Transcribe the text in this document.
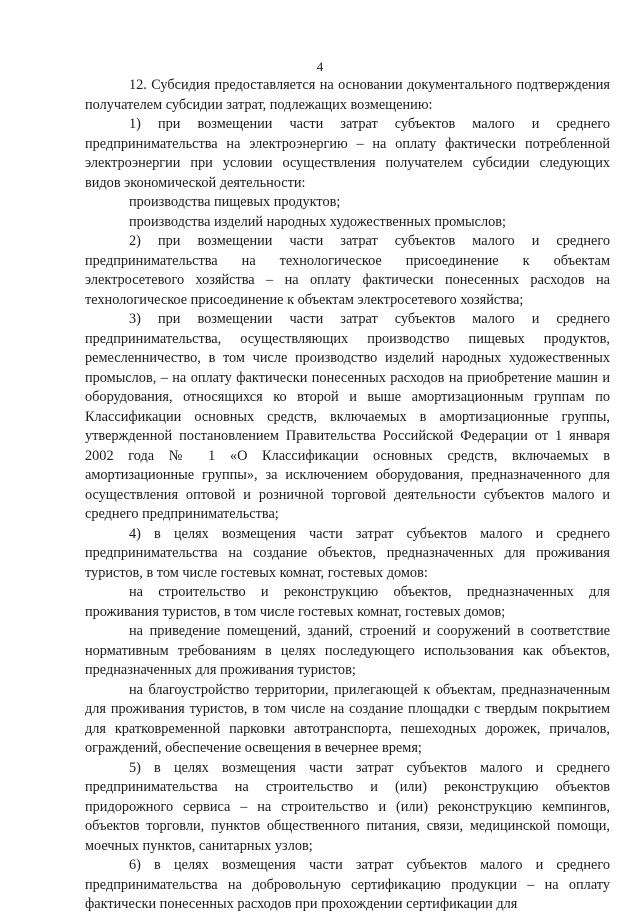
4

12. Субсидия предоставляется на основании документального подтверждения получателем субсидии затрат, подлежащих возмещению:

1) при возмещении части затрат субъектов малого и среднего предпринимательства на электроэнергию – на оплату фактически потребленной электроэнергии при условии осуществления получателем субсидии следующих видов экономической деятельности:

производства пищевых продуктов;

производства изделий народных художественных промыслов;

2) при возмещении части затрат субъектов малого и среднего предпринимательства на технологическое присоединение к объектам электросетевого хозяйства – на оплату фактически понесенных расходов на технологическое присоединение к объектам электросетевого хозяйства;

3) при возмещении части затрат субъектов малого и среднего предпринимательства, осуществляющих производство пищевых продуктов, ремесленничество, в том числе производство изделий народных художественных промыслов, – на оплату фактически понесенных расходов на приобретение машин и оборудования, относящихся ко второй и выше амортизационным группам по Классификации основных средств, включаемых в амортизационные группы, утвержденной постановлением Правительства Российской Федерации от 1 января 2002 года № 1 «О Классификации основных средств, включаемых в амортизационные группы», за исключением оборудования, предназначенного для осуществления оптовой и розничной торговой деятельности субъектов малого и среднего предпринимательства;

4) в целях возмещения части затрат субъектов малого и среднего предпринимательства на создание объектов, предназначенных для проживания туристов, в том числе гостевых комнат, гостевых домов:

на строительство и реконструкцию объектов, предназначенных для проживания туристов, в том числе гостевых комнат, гостевых домов;

на приведение помещений, зданий, строений и сооружений в соответствие нормативным требованиям в целях последующего использования как объектов, предназначенных для проживания туристов;

на благоустройство территории, прилегающей к объектам, предназначенным для проживания туристов, в том числе на создание площадки с твердым покрытием для кратковременной парковки автотранспорта, пешеходных дорожек, причалов, ограждений, обеспечение освещения в вечернее время;

5) в целях возмещения части затрат субъектов малого и среднего предпринимательства на строительство и (или) реконструкцию объектов придорожного сервиса – на строительство и (или) реконструкцию кемпингов, объектов торговли, пунктов общественного питания, связи, медицинской помощи, моечных пунктов, санитарных узлов;

6) в целях возмещения части затрат субъектов малого и среднего предпринимательства на добровольную сертификацию продукции – на оплату фактически понесенных расходов при прохождении сертификации для
